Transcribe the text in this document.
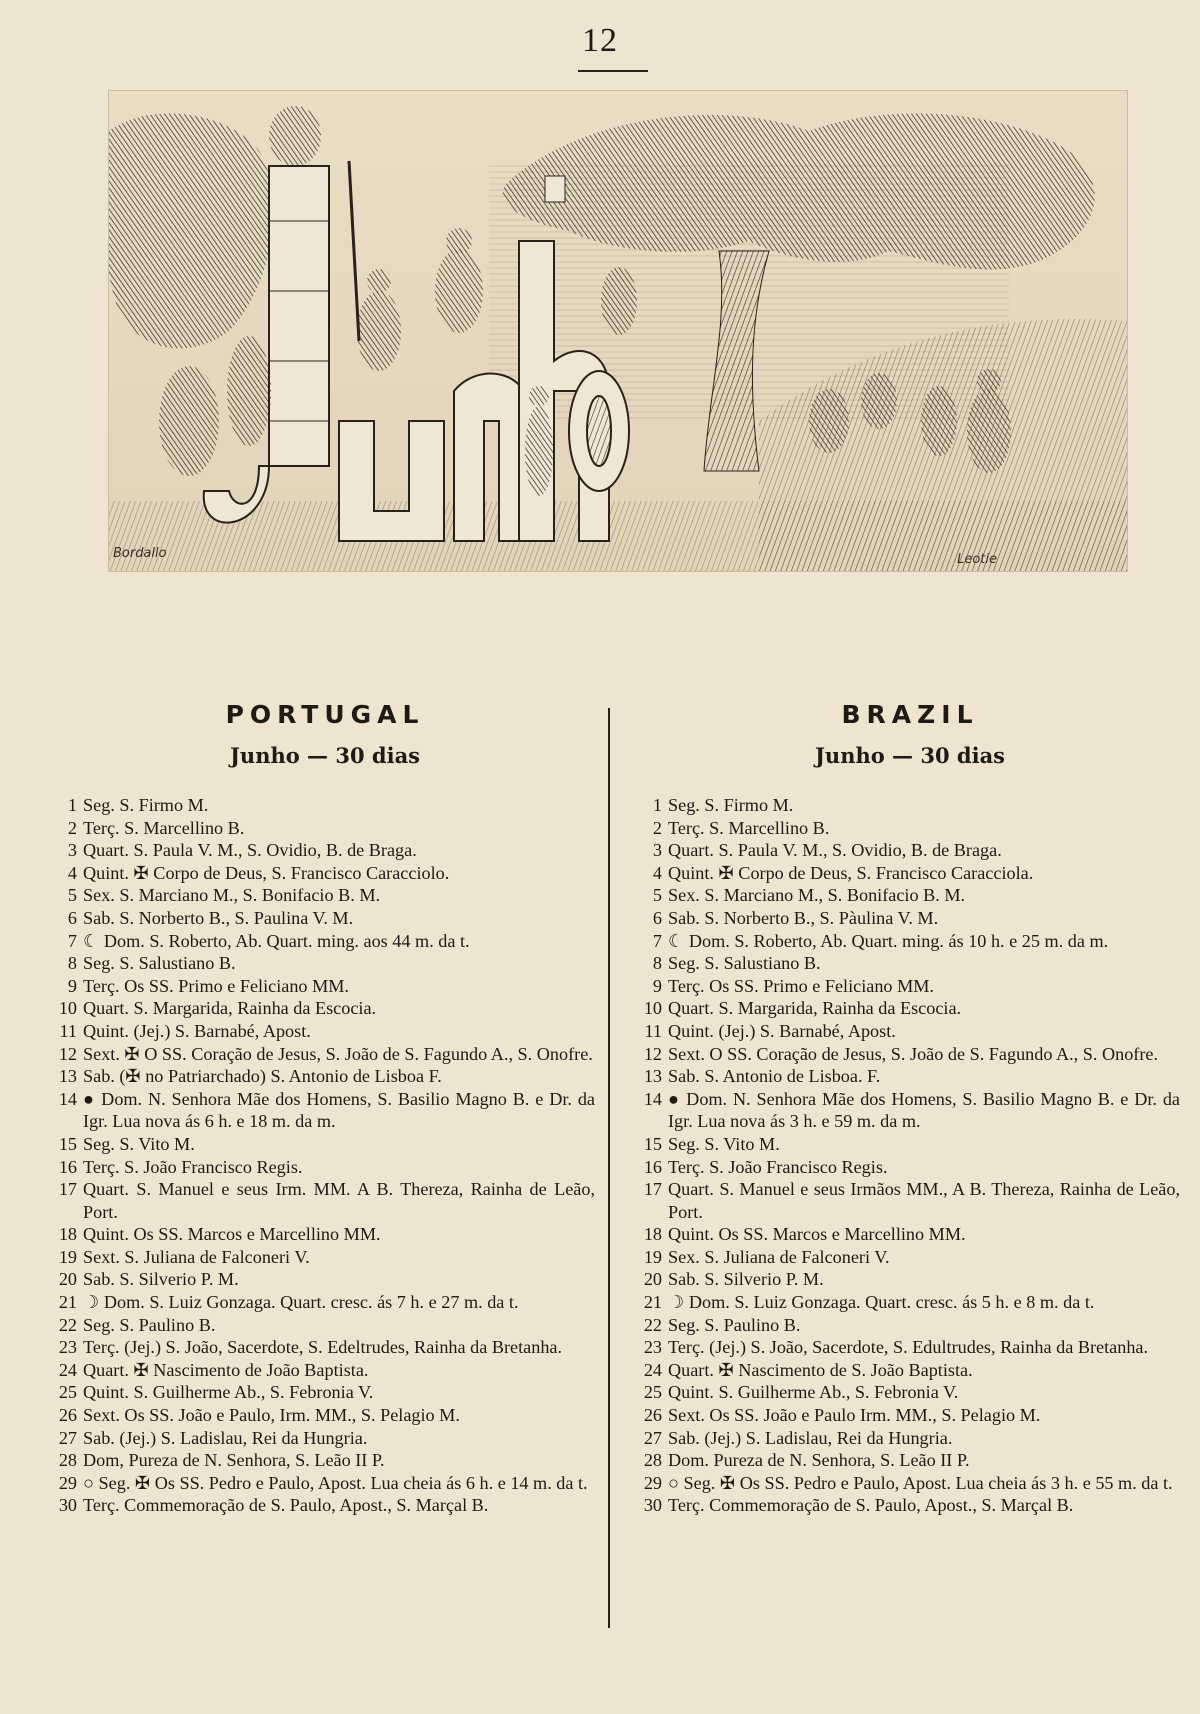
12
Bordallo	Leotie
PORTUGAL
Junho — 30 dias
1 Seg. S. Firmo M.
2 Terç. S. Marcellino B.
3 Quart. S. Paula V. M., S. Ovidio, B. de Braga.
4 Quint. ✠ Corpo de Deus, S. Francisco Caracciolo.
5 Sex. S. Marciano M., S. Bonifacio B. M.
6 Sab. S. Norberto B., S. Paulina V. M.
7 ☾ Dom. S. Roberto, Ab. Quart. ming. aos 44 m. da t.
8 Seg. S. Salustiano B.
9 Terç. Os SS. Primo e Feliciano MM.
10 Quart. S. Margarida, Rainha da Escocia.
11 Quint. (Jej.) S. Barnabé, Apost.
12 Sext. ✠ O SS. Coração de Jesus, S. João de S. Fagundo A., S. Onofre.
13 Sab. (✠ no Patriarchado) S. Antonio de Lisboa F.
14 ● Dom. N. Senhora Mãe dos Homens, S. Basilio Magno B. e Dr. da Igr. Lua nova ás 6 h. e 18 m. da m.
15 Seg. S. Vito M.
16 Terç. S. João Francisco Regis.
17 Quart. S. Manuel e seus Irm. MM. A B. Thereza, Rainha de Leão, Port.
18 Quint. Os SS. Marcos e Marcellino MM.
19 Sext. S. Juliana de Falconeri V.
20 Sab. S. Silverio P. M.
21 ☽ Dom. S. Luiz Gonzaga. Quart. cresc. ás 7 h. e 27 m. da t.
22 Seg. S. Paulino B.
23 Terç. (Jej.) S. João, Sacerdote, S. Edeltrudes, Rainha da Bretanha.
24 Quart. ✠ Nascimento de João Baptista.
25 Quint. S. Guilherme Ab., S. Febronia V.
26 Sext. Os SS. João e Paulo, Irm. MM., S. Pelagio M.
27 Sab. (Jej.) S. Ladislau, Rei da Hungria.
28 Dom, Pureza de N. Senhora, S. Leão II P.
29 ○ Seg. ✠ Os SS. Pedro e Paulo, Apost. Lua cheia ás 6 h. e 14 m. da t.
30 Terç. Commemoração de S. Paulo, Apost., S. Marçal B.
BRAZIL
Junho — 30 dias
1 Seg. S. Firmo M.
2 Terç. S. Marcellino B.
3 Quart. S. Paula V. M., S. Ovidio, B. de Braga.
4 Quint. ✠ Corpo de Deus, S. Francisco Caracciola.
5 Sex. S. Marciano M., S. Bonifacio B. M.
6 Sab. S. Norberto B., S. Pàulina V. M.
7 ☾ Dom. S. Roberto, Ab. Quart. ming. ás 10 h. e 25 m. da m.
8 Seg. S. Salustiano B.
9 Terç. Os SS. Primo e Feliciano MM.
10 Quart. S. Margarida, Rainha da Escocia.
11 Quint. (Jej.) S. Barnabé, Apost.
12 Sext. O SS. Coração de Jesus, S. João de S. Fagundo A., S. Onofre.
13 Sab. S. Antonio de Lisboa. F.
14 ● Dom. N. Senhora Mãe dos Homens, S. Basilio Magno B. e Dr. da Igr. Lua nova ás 3 h. e 59 m. da m.
15 Seg. S. Vito M.
16 Terç. S. João Francisco Regis.
17 Quart. S. Manuel e seus Irmãos MM., A B. Thereza, Rainha de Leão, Port.
18 Quint. Os SS. Marcos e Marcellino MM.
19 Sex. S. Juliana de Falconeri V.
20 Sab. S. Silverio P. M.
21 ☽ Dom. S. Luiz Gonzaga. Quart. cresc. ás 5 h. e 8 m. da t.
22 Seg. S. Paulino B.
23 Terç. (Jej.) S. João, Sacerdote, S. Edultrudes, Rainha da Bretanha.
24 Quart. ✠ Nascimento de S. João Baptista.
25 Quint. S. Guilherme Ab., S. Febronia V.
26 Sext. Os SS. João e Paulo Irm. MM., S. Pelagio M.
27 Sab. (Jej.) S. Ladislau, Rei da Hungria.
28 Dom. Pureza de N. Senhora, S. Leão II P.
29 ○ Seg. ✠ Os SS. Pedro e Paulo, Apost. Lua cheia ás 3 h. e 55 m. da t.
30 Terç. Commemoração de S. Paulo, Apost., S. Marçal B.
